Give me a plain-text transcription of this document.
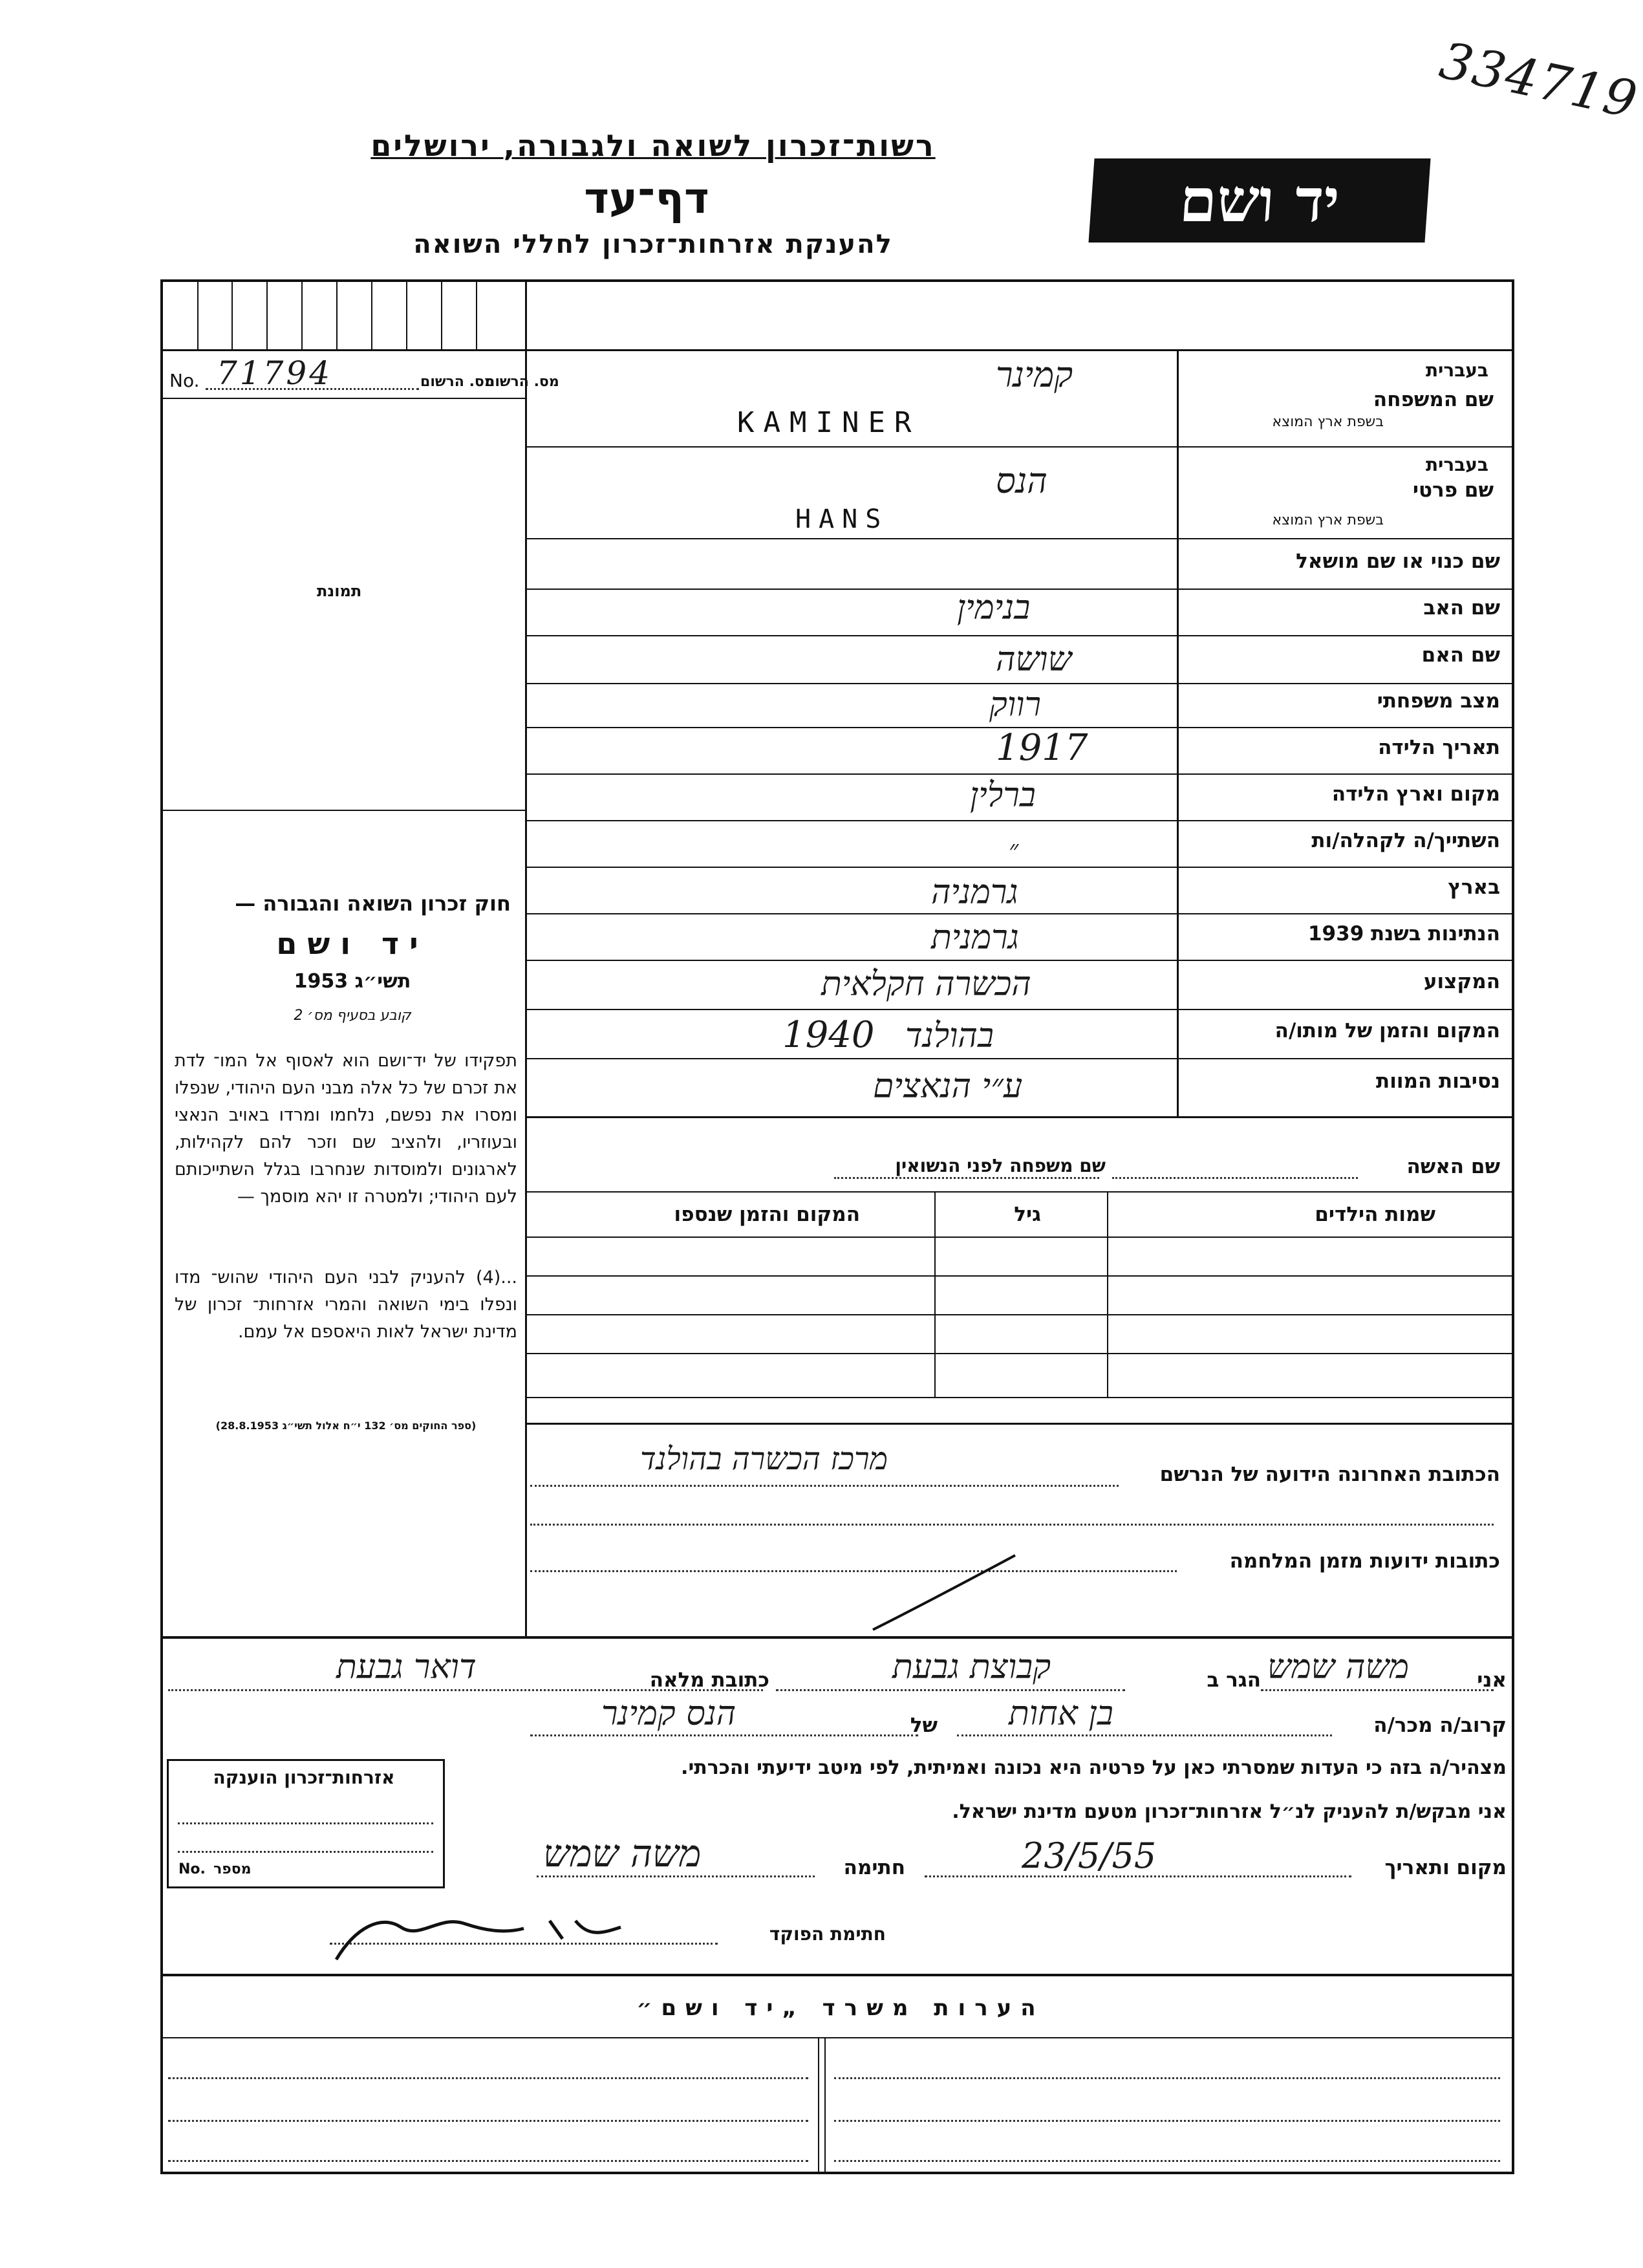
334719
רשות־זכרון לשואה ולגבורה, ירושלים
דף־עד
להענקת אזרחות־זכרון לחללי השואה
יד ושם
No. 71794	מס. הרשום
מס. הרשום
תמונת
חוק זכרון השואה והגבורה —
יד ושם
תשי״ג 1953
קובע בסעיף מס׳ 2
תפקידו של יד־ושם הוא לאסוף אל המו־ לדת את זכרם של כל אלה מבני העם היהודי, שנפלו ומסרו את נפשם, נלחמו ומרדו באויב הנאצי ובעוזריו, ולהציב שם וזכר להם לקהילות, לארגונים ולמוסדות שנחרבו בגלל השתייכותם לעם היהודי; ולמטרה זו יהא מוסמך —
...(4) להעניק לבני העם היהודי שהוש־ מדו ונפלו בימי השואה והמרי אזרחות־ זכרון של מדינת ישראל לאות היאספם אל עמם.
(ספר החוקים מס׳ 132 י״ח אלול תשי״ג 28.8.1953)
שם המשפחה
בעברית
בשפת ארץ המוצא
קמינר
KAMINER
שם פרטי
בעברית
בשפת ארץ המוצא
הנס
HANS
שם כנוי או שם מושאל
שם האב
בנימין
שם האם
שושה
מצב משפחתי
רווק
תאריך הלידה
1917
מקום וארץ הלידה
ברלין
השתייך/ה לקהלה/ות
״
בארץ
גרמניה
הנתינות בשנת 1939
גרמנית
המקצוע
הכשרה חקלאית
המקום והזמן של מותו/ה
1940 בהולנד
נסיבות המוות
ע״י הנאצים
שם האשה
שם משפחה לפני הנשואין
שמות הילדים
גיל
המקום והזמן שנספו
הכתובת האחרונה הידועה של הנרשם
מרכז הכשרה בהולנד
כתובות ידועות מזמן המלחמה
אני
משה שמש
הגר ב
קבוצת גבעת
כתובת מלאה
דואר גבעת
קרוב/ה מכר/ה
בן אחות
של
הנס קמינר
מצהיר/ה בזה כי העדות שמסרתי כאן על פרטיה היא נכונה ואמיתית, לפי מיטב ידיעתי והכרתי.
אני מבקש/ת להעניק לנ״ל אזרחות־זכרון מטעם מדינת ישראל.
מקום ותאריך
23/5/55
חתימה
משה שמש
אזרחות־זכרון הוענקה
No. מספר
חתימת הפוקד
הערות משרד „יד ושם״
